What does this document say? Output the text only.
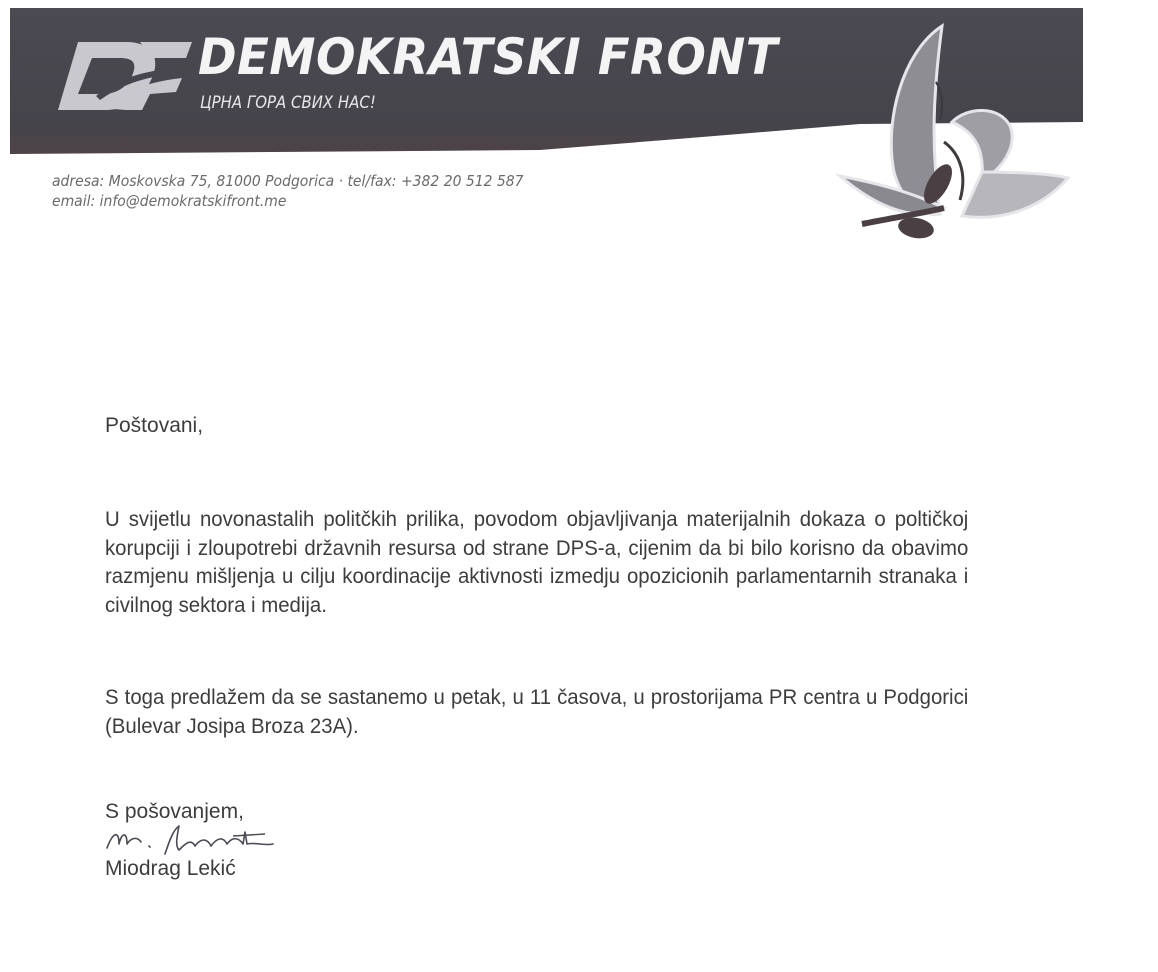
DEMOKRATSKI FRONT
ЦРНА ГОРА СВИХ НАС!
adresa: Moskovska 75, 81000 Podgorica · tel/fax: +382 20 512 587
email: info@demokratskifront.me
Poštovani,
U svijetlu novonastalih politčkih prilika, povodom objavljivanja materijalnih dokaza o poltičkoj korupciji i zloupotrebi državnih resursa od strane DPS-a, cijenim da bi bilo korisno da obavimo razmjenu mišljenja u cilju koordinacije aktivnosti izmedju opozicionih parlamentarnih stranaka i civilnog sektora i medija.
S toga predlažem da se sastanemo u petak, u 11 časova, u prostorijama PR centra u Podgorici (Bulevar Josipa Broza 23A).
S pošovanjem,
Miodrag Lekić
